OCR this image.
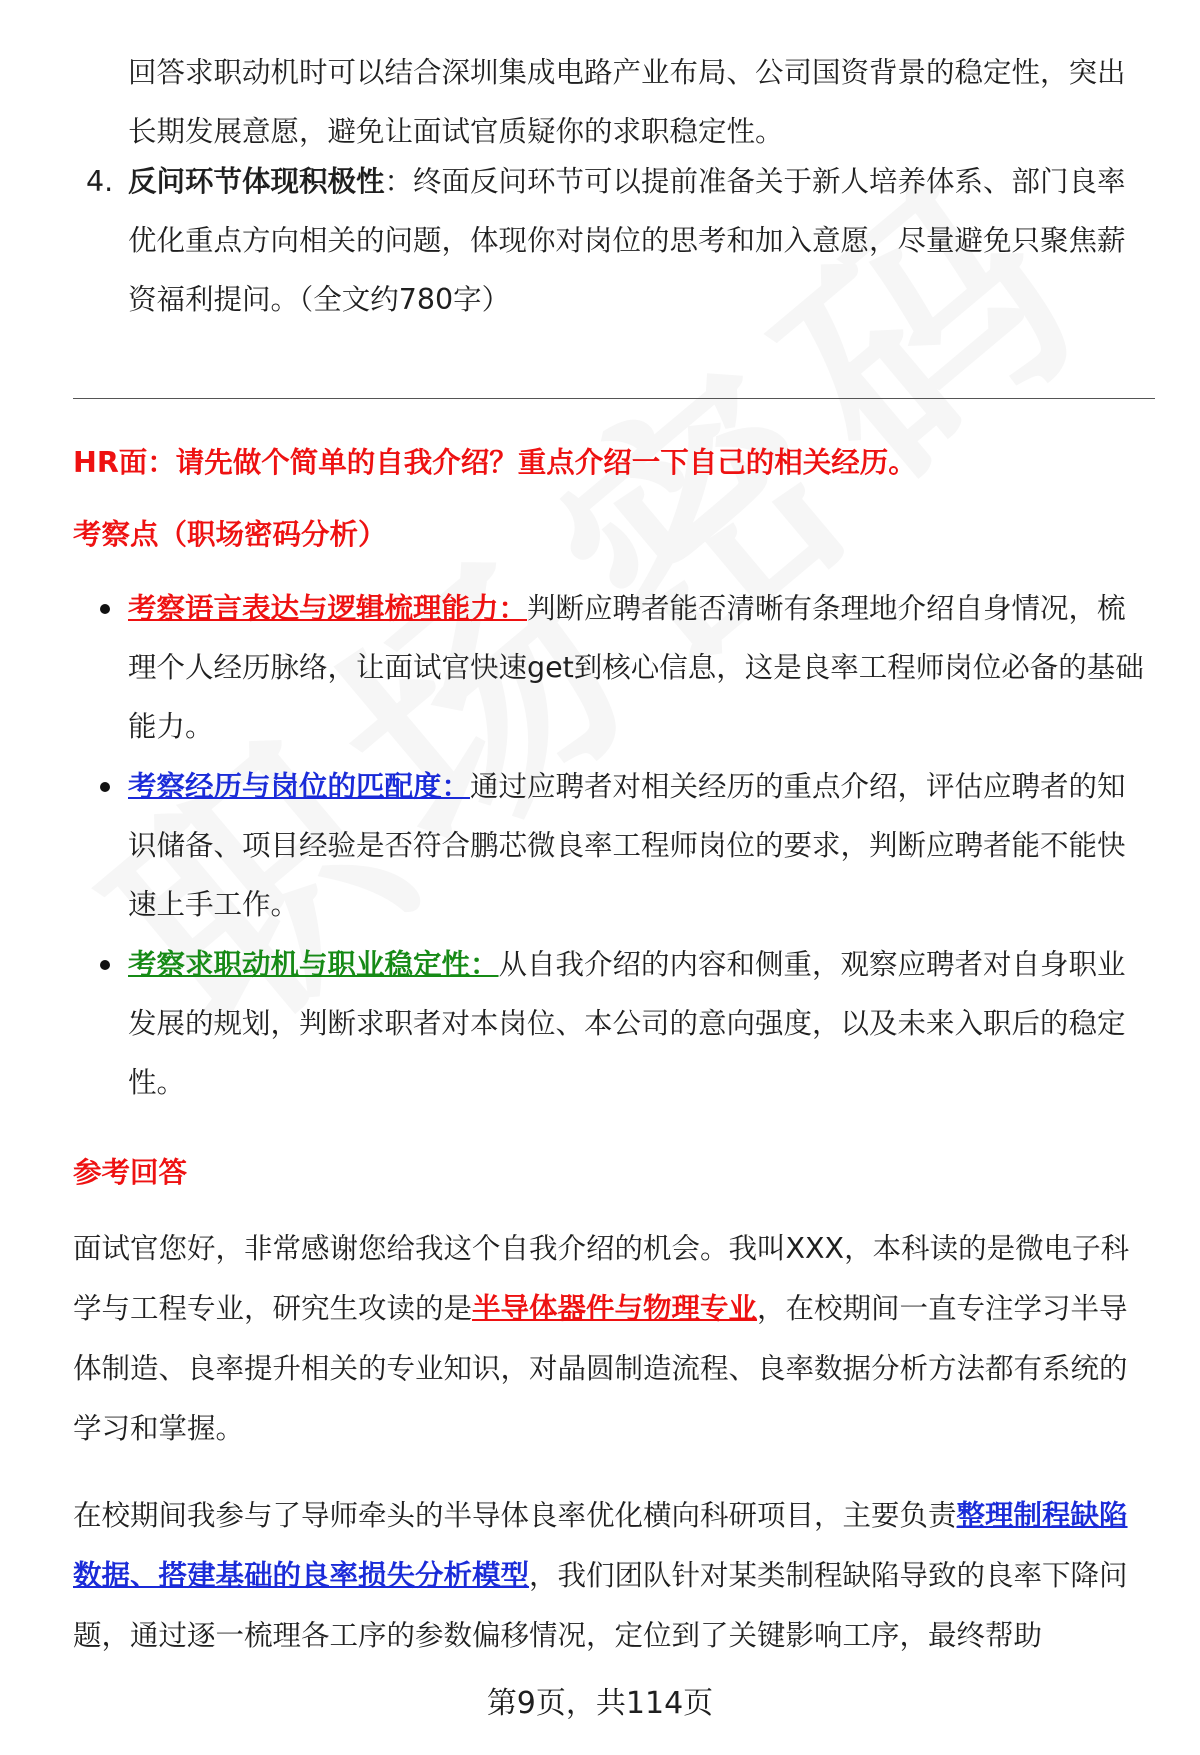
回答求职动机时可以结合深圳集成电路产业布局、公司国资背景的稳定性，突出长期发展意愿，避免让面试官质疑你的求职稳定性。
4. 反问环节体现积极性：终面反问环节可以提前准备关于新人培养体系、部门良率优化重点方向相关的问题，体现你对岗位的思考和加入意愿，尽量避免只聚焦薪资福利提问。（全文约780字）
HR面：请先做个简单的自我介绍？重点介绍一下自己的相关经历。
考察点（职场密码分析）
考察语言表达与逻辑梳理能力：判断应聘者能否清晰有条理地介绍自身情况，梳理个人经历脉络，让面试官快速get到核心信息，这是良率工程师岗位必备的基础能力。
考察经历与岗位的匹配度：通过应聘者对相关经历的重点介绍，评估应聘者的知识储备、项目经验是否符合鹏芯微良率工程师岗位的要求，判断应聘者能不能快速上手工作。
考察求职动机与职业稳定性：从自我介绍的内容和侧重，观察应聘者对自身职业发展的规划，判断求职者对本岗位、本公司的意向强度，以及未来入职后的稳定性。
参考回答
面试官您好，非常感谢您给我这个自我介绍的机会。我叫XXX，本科读的是微电子科学与工程专业，研究生攻读的是半导体器件与物理专业，在校期间一直专注学习半导体制造、良率提升相关的专业知识，对晶圆制造流程、良率数据分析方法都有系统的学习和掌握。
在校期间我参与了导师牵头的半导体良率优化横向科研项目，主要负责整理制程缺陷数据、搭建基础的良率损失分析模型，我们团队针对某类制程缺陷导致的良率下降问题，通过逐一梳理各工序的参数偏移情况，定位到了关键影响工序，最终帮助
第9页，共114页
